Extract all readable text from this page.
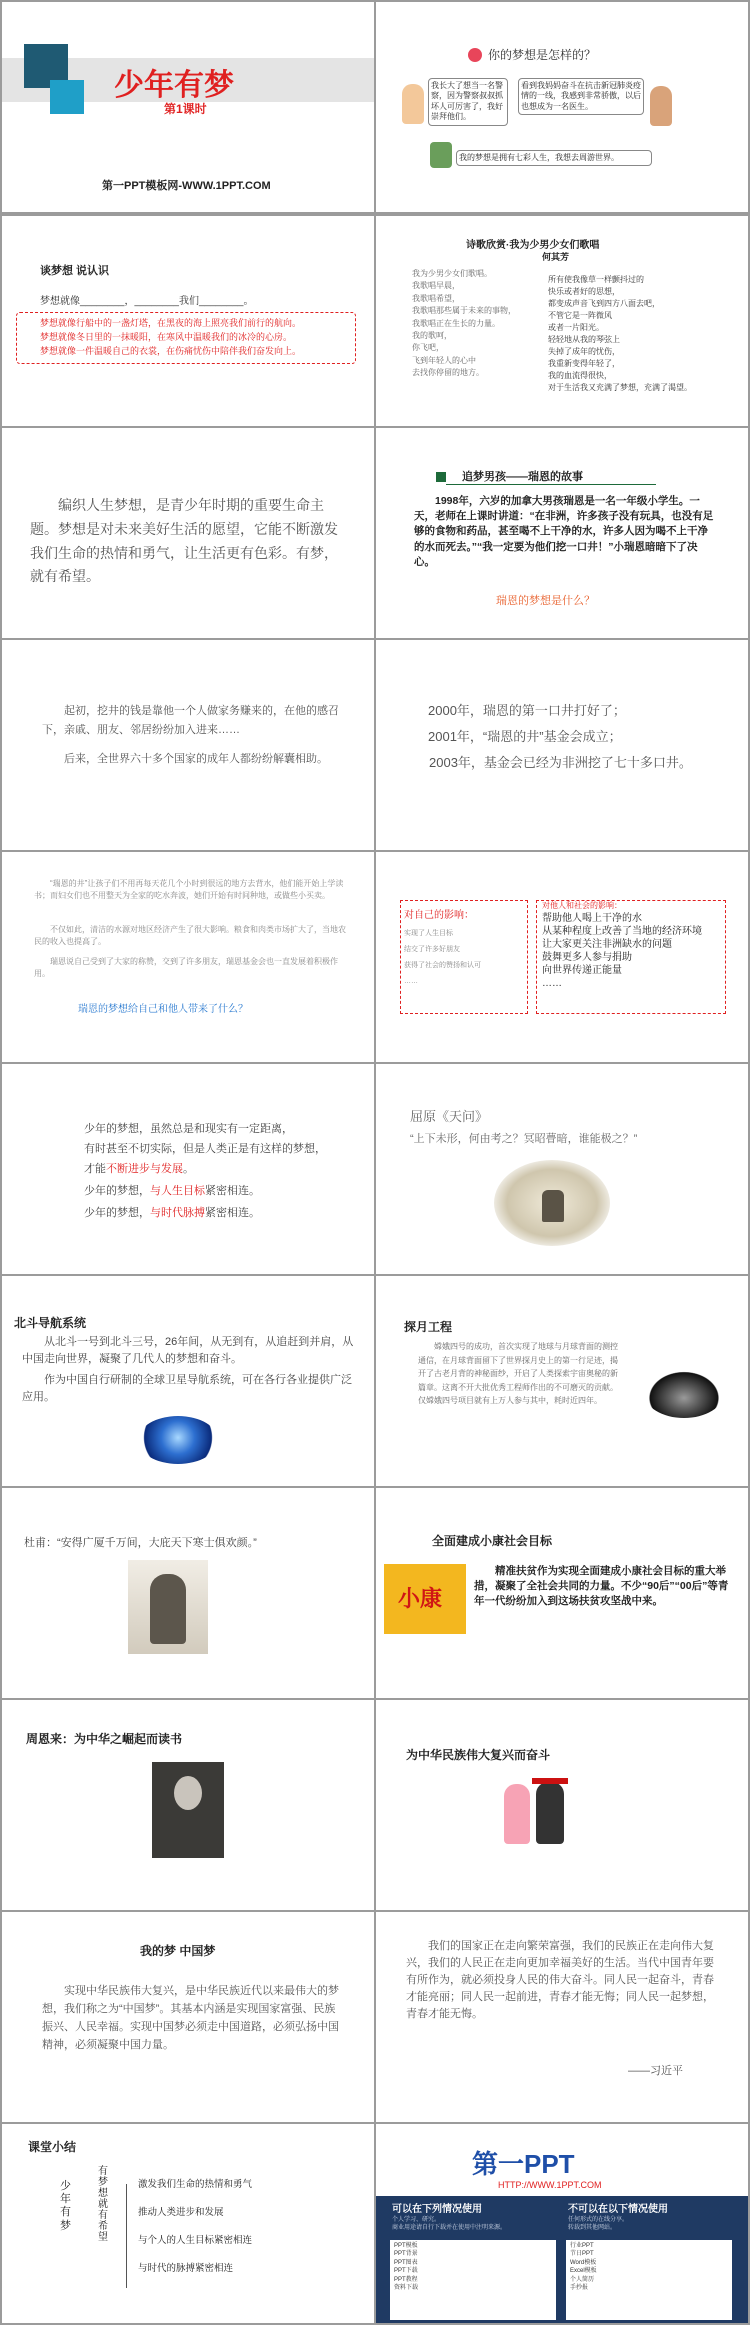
少年有梦
第1课时
第一PPT模板网-WWW.1PPT.COM
你的梦想是怎样的？
我长大了想当一名警察，因为警察叔叔抓坏人可厉害了，我好崇拜他们。
看到我妈妈奋斗在抗击新冠肺炎疫情的一线，我感到非常骄傲，以后也想成为一名医生。
我的梦想是拥有七彩人生，我想去周游世界。
谈梦想 说认识
梦想就像________，________我们________。
梦想就像行船中的一盏灯塔，在黑夜的海上照亮我们前行的航向。
梦想就像冬日里的一抹暖阳，在寒风中温暖我们的冰冷的心房。
梦想就像一件温暖自己的衣裳，在伤痛忧伤中陪伴我们奋发向上。
诗歌欣赏·我为少男少女们歌唱
何其芳
我为少男少女们歌唱。
我歌唱早晨，
我歌唱希望，
我歌唱那些属于未来的事物，
我歌唱正在生长的力量。
我的歌呵，
你飞吧，
飞到年轻人的心中
去找你停留的地方。
所有使我像草一样颤抖过的
快乐或者好的思想，
都变成声音飞到四方八面去吧，
不管它是一阵微风
或者一片阳光。
轻轻地从我的琴弦上
失掉了成年的忧伤，
我重新变得年轻了，
我的血流得很快，
对于生活我又充满了梦想，充满了渴望。
编织人生梦想，是青少年时期的重要生命主题。梦想是对未来美好生活的愿望，它能不断激发我们生命的热情和勇气，让生活更有色彩。有梦，就有希望。
追梦男孩——瑞恩的故事
1998年，六岁的加拿大男孩瑞恩是一名一年级小学生。一天，老师在上课时讲道：“在非洲，许多孩子没有玩具，也没有足够的食物和药品，甚至喝不上干净的水，许多人因为喝不上干净的水而死去。”“我一定要为他们挖一口井！”小瑞恩暗暗下了决心。
瑞恩的梦想是什么？
起初，挖井的钱是靠他一个人做家务赚来的，在他的感召下，亲戚、朋友、邻居纷纷加入进来……
后来，全世界六十多个国家的成年人都纷纷解囊相助。
2000年，瑞恩的第一口井打好了；
2001年，“瑞恩的井”基金会成立；
2003年，基金会已经为非洲挖了七十多口井。
“瑞恩的井”让孩子们不用再每天花几个小时到很远的地方去背水，他们能开始上学读书；而妇女们也不用整天为全家的吃水奔波，她们开始有时间种地，或做些小买卖。
不仅如此，清洁的水源对地区经济产生了很大影响。粮食和肉类市场扩大了，当地农民的收入也提高了。
瑞恩说自己受到了大家的称赞，交到了许多朋友，瑞恩基金会也一直发展着积极作用。
瑞恩的梦想给自己和他人带来了什么？
对自己的影响：
实现了人生目标
结交了许多好朋友
获得了社会的赞扬和认可
……
对他人和社会的影响：
帮助他人喝上干净的水
从某种程度上改善了当地的经济环境
让大家更关注非洲缺水的问题
鼓舞更多人参与捐助
向世界传递正能量
……
少年的梦想，虽然总是和现实有一定距离，
有时甚至不切实际，但是人类正是有这样的梦想，
才能不断进步与发展。
少年的梦想，与人生目标紧密相连。
少年的梦想，与时代脉搏紧密相连。
屈原《天问》
“上下未形，何由考之？冥昭瞢暗，谁能极之？”
北斗导航系统
从北斗一号到北斗三号，26年间，从无到有，从追赶到并肩，从中国走向世界，凝聚了几代人的梦想和奋斗。
作为中国自行研制的全球卫星导航系统，可在各行各业提供广泛应用。
探月工程
嫦娥四号的成功，首次实现了地球与月球背面的测控通信，在月球背面留下了世界探月史上的第一行足迹，揭开了古老月背的神秘面纱，开启了人类探索宇宙奥秘的新篇章。这离不开大批优秀工程师作出的不可磨灭的贡献。仅嫦娥四号项目就有上万人参与其中，耗时近四年。
杜甫：“安得广厦千万间，大庇天下寒士俱欢颜。”	全面建成小康社会目标
小康
精准扶贫作为实现全面建成小康社会目标的重大举措，凝聚了全社会共同的力量。不少“90后”“00后”等青年一代纷纷加入到这场扶贫攻坚战中来。
周恩来：为中华之崛起而读书
为中华民族伟大复兴而奋斗
我的梦 中国梦
实现中华民族伟大复兴，是中华民族近代以来最伟大的梦想，我们称之为“中国梦”。其基本内涵是实现国家富强、民族振兴、人民幸福。实现中国梦必须走中国道路，必须弘扬中国精神，必须凝聚中国力量。
我们的国家正在走向繁荣富强，我们的民族正在走向伟大复兴，我们的人民正在走向更加幸福美好的生活。当代中国青年要有所作为，就必须投身人民的伟大奋斗。同人民一起奋斗，青春才能亮丽；同人民一起前进，青春才能无悔；同人民一起梦想，青春才能无悔。
——习近平
课堂小结
少年有梦
有梦想就有希望
激发我们生命的热情和勇气
推动人类进步和发展
与个人的人生目标紧密相连
与时代的脉搏紧密相连
第一PPT
HTTP://WWW.1PPT.COM
可以在下列情况使用	不可以在以下情况使用
个人学习、研究。
商业用途请自行下载并在使用中注明来源。
任何形式的在线分享。
转载到其他网站。
PPT模板
PPT背景
PPT图表
PPT下载
PPT教程
资料下载
行业PPT
节日PPT
Word模板
Excel模板
个人简历
手抄报
